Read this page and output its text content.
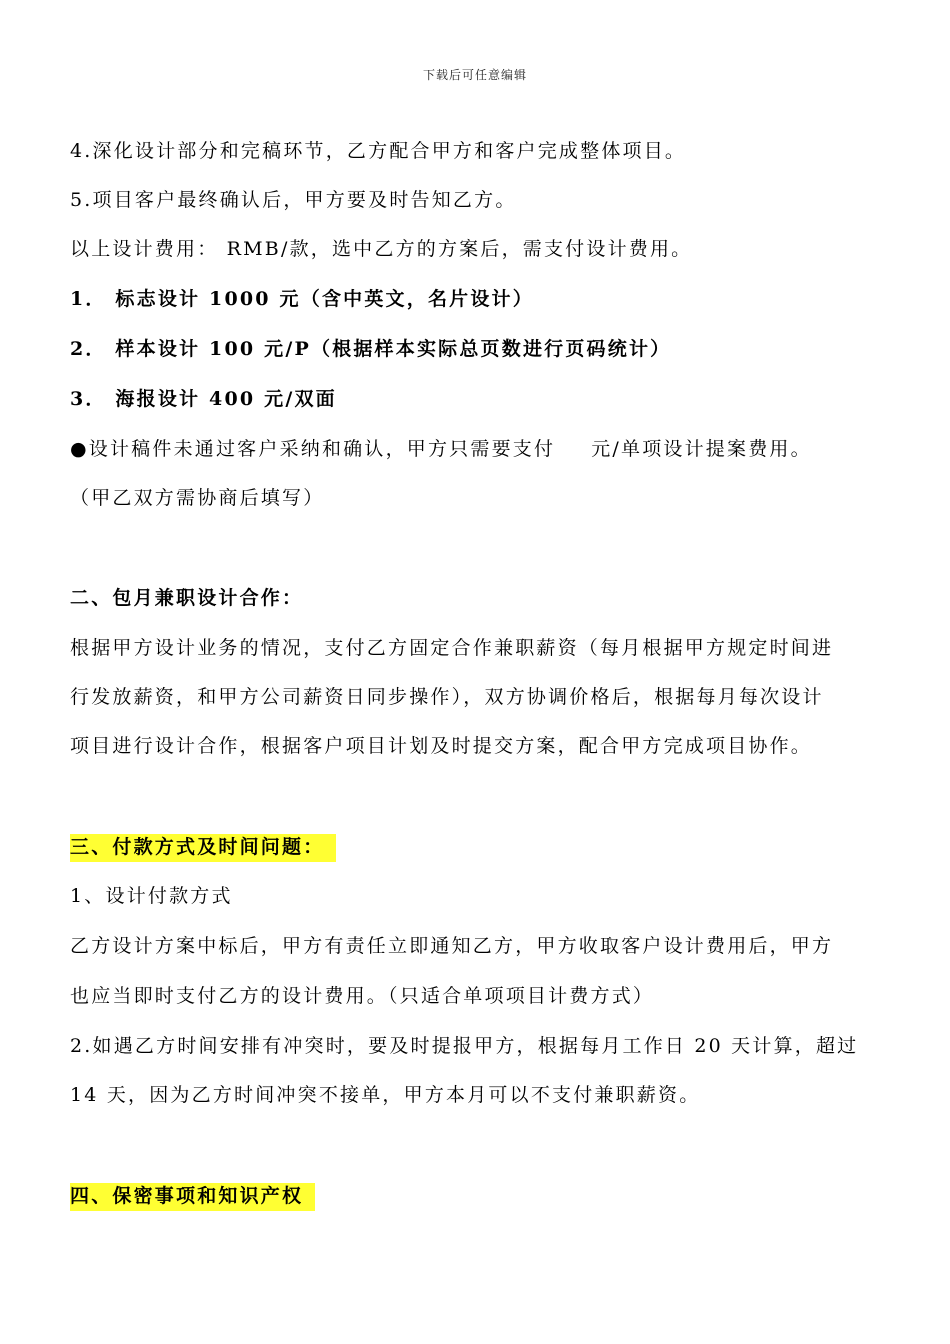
下载后可任意编辑
4.深化设计部分和完稿环节，乙方配合甲方和客户完成整体项目。
5.项目客户最终确认后，甲方要及时告知乙方。
以上设计费用： RMB/款，选中乙方的方案后，需支付设计费用。
1． 标志设计 1000 元（含中英文，名片设计）
2． 样本设计 100 元/P（根据样本实际总页数进行页码统计）
3． 海报设计 400 元/双面
●设计稿件未通过客户采纳和确认，甲方只需要支付 元/单项设计提案费用。
（甲乙双方需协商后填写）
二、包月兼职设计合作：
根据甲方设计业务的情况，支付乙方固定合作兼职薪资（每月根据甲方规定时间进
行发放薪资，和甲方公司薪资日同步操作），双方协调价格后，根据每月每次设计
项目进行设计合作，根据客户项目计划及时提交方案，配合甲方完成项目协作。
三、付款方式及时间问题：
1、设计付款方式
乙方设计方案中标后，甲方有责任立即通知乙方，甲方收取客户设计费用后，甲方
也应当即时支付乙方的设计费用。（只适合单项项目计费方式）
2.如遇乙方时间安排有冲突时，要及时提报甲方，根据每月工作日 20 天计算，超过
14 天，因为乙方时间冲突不接单，甲方本月可以不支付兼职薪资。
四、保密事项和知识产权
